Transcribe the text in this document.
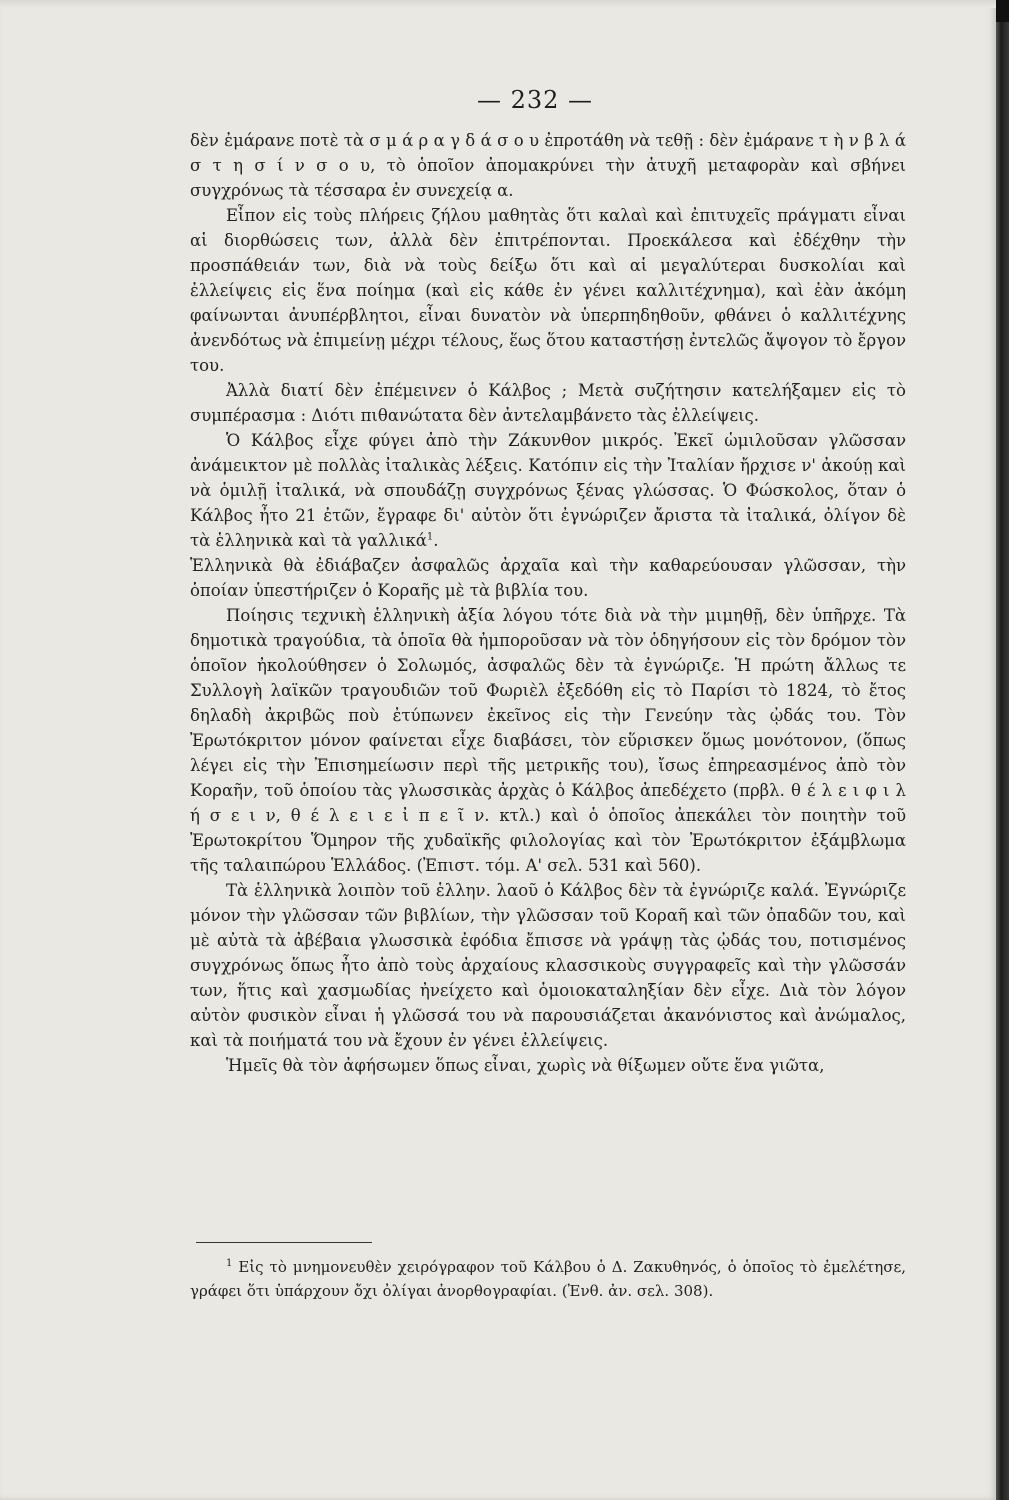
— 232 —

δὲν ἐμάρανε ποτὲ τὰ σ μ ά ρ α γ δ ά σ ο υ ἐπροτάθη νὰ τεθῇ : δὲν ἐμάρανε τ ὴ ν β λ ά σ τ η σ ί ν σ ο υ, τὸ ὁποῖον ἀπομακρύνει τὴν ἀτυχῆ μεταφορὰν καὶ σβήνει συγχρόνως τὰ τέσσαρα ἐν συνεχείᾳ α.

Εἶπον εἰς τοὺς πλήρεις ζήλου μαθητὰς ὅτι καλαὶ καὶ ἐπιτυχεῖς πράγματι εἶναι αἱ διορθώσεις των, ἀλλὰ δὲν ἐπιτρέπονται. Προεκάλεσα καὶ ἐδέχθην τὴν προσπάθειάν των, διὰ νὰ τοὺς δείξω ὅτι καὶ αἱ μεγαλύτεραι δυσκολίαι καὶ ἐλλείψεις εἰς ἕνα ποίημα (καὶ εἰς κάθε ἐν γένει καλλιτέχνημα), καὶ ἐὰν ἀκόμη φαίνωνται ἀνυπέρβλητοι, εἶναι δυνατὸν νὰ ὑπερπηδηθοῦν, φθάνει ὁ καλλιτέχνης ἀνενδότως νὰ ἐπιμείνῃ μέχρι τέλους, ἕως ὅτου καταστήσῃ ἐντελῶς ἄψογον τὸ ἔργον του.

Ἀλλὰ διατί δὲν ἐπέμεινεν ὁ Κάλβος ; Μετὰ συζήτησιν κατελήξαμεν εἰς τὸ συμπέρασμα : Διότι πιθανώτατα δὲν ἀντελαμβάνετο τὰς ἐλλείψεις.

Ὁ Κάλβος εἶχε φύγει ἀπὸ τὴν Ζάκυνθον μικρός. Ἐκεῖ ὡμιλοῦσαν γλῶσσαν ἀνάμεικτον μὲ πολλὰς ἰταλικὰς λέξεις. Κατόπιν εἰς τὴν Ἰταλίαν ἤρχισε ν' ἀκούῃ καὶ νὰ ὁμιλῇ ἰταλικά, νὰ σπουδάζῃ συγχρόνως ξένας γλώσσας. Ὁ Φώσκολος, ὅταν ὁ Κάλβος ἦτο 21 ἐτῶν, ἔγραφε δι' αὐτὸν ὅτι ἐγνώριζεν ἄριστα τὰ ἰταλικά, ὀλίγον δὲ τὰ ἑλληνικὰ καὶ τὰ γαλλικά$^1$.

Ἑλληνικὰ θὰ ἐδιάβαζεν ἀσφαλῶς ἀρχαῖα καὶ τὴν καθαρεύουσαν γλῶσσαν, τὴν ὁποίαν ὑπεστήριζεν ὁ Κοραῆς μὲ τὰ βιβλία του.

Ποίησις τεχνικὴ ἑλληνικὴ ἀξία λόγου τότε διὰ νὰ τὴν μιμηθῇ, δὲν ὑπῆρχε. Τὰ δημοτικὰ τραγούδια, τὰ ὁποῖα θὰ ἠμποροῦσαν νὰ τὸν ὁδηγήσουν εἰς τὸν δρόμον τὸν ὁποῖον ἠκολούθησεν ὁ Σολωμός, ἀσφαλῶς δὲν τὰ ἐγνώριζε. Ἡ πρώτη ἄλλως τε Συλλογὴ λαϊκῶν τραγουδιῶν τοῦ Φωριὲλ ἐξεδόθη εἰς τὸ Παρίσι τὸ 1824, τὸ ἔτος δηλαδὴ ἀκριβῶς ποὺ ἐτύπωνεν ἐκεῖνος εἰς τὴν Γενεύην τὰς ᾠδάς του. Τὸν Ἐρωτόκριτον μόνον φαίνεται εἶχε διαβάσει, τὸν εὕρισκεν ὅμως μονότονον, (ὅπως λέγει εἰς τὴν Ἐπισημείωσιν περὶ τῆς μετρικῆς του), ἴσως ἐπηρεασμένος ἀπὸ τὸν Κοραῆν, τοῦ ὁποίου τὰς γλωσσικὰς ἀρχὰς ὁ Κάλβος ἀπεδέχετο (πρβλ. θ έ λ ε ι φ ι λ ή σ ε ι ν, θ έ λ ε ι ε ἰ π ε ῖ ν. κτλ.) καὶ ὁ ὁποῖος ἀπεκάλει τὸν ποιητὴν τοῦ Ἐρωτοκρίτου Ὅμηρον τῆς χυδαϊκῆς φιλολογίας καὶ τὸν Ἐρωτόκριτον ἐξάμβλωμα τῆς ταλαιπώρου Ἑλλάδος. (Ἐπιστ. τόμ. Α' σελ. 531 καὶ 560).

Τὰ ἑλληνικὰ λοιπὸν τοῦ ἑλλην. λαοῦ ὁ Κάλβος δὲν τὰ ἐγνώριζε καλά. Ἐγνώριζε μόνον τὴν γλῶσσαν τῶν βιβλίων, τὴν γλῶσσαν τοῦ Κοραῆ καὶ τῶν ὀπαδῶν του, καὶ μὲ αὐτὰ τὰ ἀβέβαια γλωσσικὰ ἐφόδια ἔπισσε νὰ γράψῃ τὰς ᾠδάς του, ποτισμένος συγχρόνως ὅπως ἦτο ἀπὸ τοὺς ἀρχαίους κλασσικοὺς συγγραφεῖς καὶ τὴν γλῶσσάν των, ἥτις καὶ χασμωδίας ἠνείχετο καὶ ὁμοιοκαταληξίαν δὲν εἶχε. Διὰ τὸν λόγον αὐτὸν φυσικὸν εἶναι ἡ γλῶσσά του νὰ παρουσιάζεται ἀκανόνιστος καὶ ἀνώμαλος, καὶ τὰ ποιήματά του νὰ ἔχουν ἐν γένει ἐλλείψεις.

Ἡμεῖς θὰ τὸν ἀφήσωμεν ὅπως εἶναι, χωρὶς νὰ θίξωμεν οὔτε ἕνα γιῶτα,

$^1$ Εἰς τὸ μνημονευθὲν χειρόγραφον τοῦ Κάλβου ὁ Δ. Ζακυθηνός, ὁ ὁποῖος τὸ ἐμελέτησε, γράφει ὅτι ὑπάρχουν ὄχι ὀλίγαι ἀνορθογραφίαι. (Ἐνθ. ἀν. σελ. 308).
